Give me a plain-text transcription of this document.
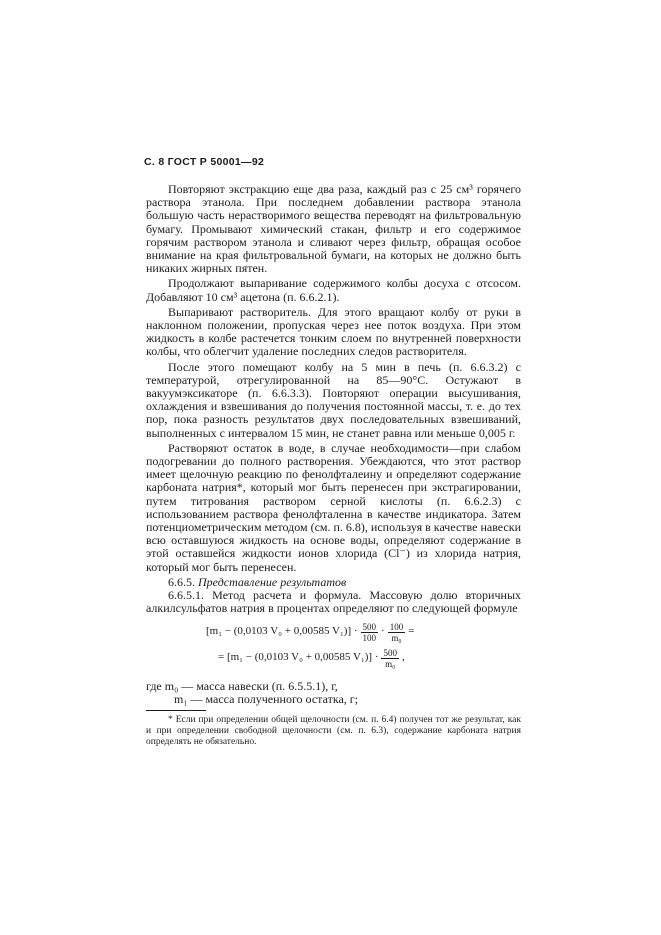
С. 8 ГОСТ Р 50001—92

Повторяют экстракцию еще два раза, каждый раз с 25 см³ горячего раствора этанола. При последнем добавлении раствора этанола большую часть нерастворимого вещества переводят на фильтровальную бумагу. Промывают химический стакан, фильтр и его содержимое горячим раствором этанола и сливают через фильтр, обращая особое внимание на края фильтровальной бумаги, на которых не должно быть никаких жирных пятен.

Продолжают выпаривание содержимого колбы досуха с отсосом. Добавляют 10 см³ ацетона (п. 6.6.2.1).

Выпаривают растворитель. Для этого вращают колбу от руки в наклонном положении, пропуская через нее поток воздуха. При этом жидкость в колбе растечется тонким слоем по внутренней поверхности колбы, что облегчит удаление последних следов растворителя.

После этого помещают колбу на 5 мин в печь (п. 6.6.3.2) с температурой, отрегулированной на 85—90°С. Остужают в вакуумэксикаторе (п. 6.6.3.3). Повторяют операции высушивания, охлаждения и взвешивания до получения постоянной массы, т. е. до тех пор, пока разность результатов двух последовательных взвешиваний, выполненных с интервалом 15 мин, не станет равна или меньше 0,005 г.

Растворяют остаток в воде, в случае необходимости—при слабом подогревании до полного растворения. Убеждаются, что этот раствор имеет щелочную реакцию по фенолфталеину и определяют содержание карбоната натрия*, который мог быть перенесен при экстрагировании, путем титрования раствором серной кислоты (п. 6.6.2.3) с использованием раствора фенолфталенна в качестве индикатора. Затем потенциометрическим методом (см. п. 6.8), используя в качестве навески всю оставшуюся жидкость на основе воды, определяют содержание в этой оставшейся жидкости ионов хлорида (Cl⁻) из хлорида натрия, который мог быть перенесен.

6.6.5. Представление результатов

6.6.5.1. Метод расчета и формула. Массовую долю вторичных алкилсульфатов натрия в процентах определяют по следующей формуле

[m₁ − (0,0103 V₀ + 0,00585 $V_1)] \cdot \frac{500}{100} \cdot \frac{100}{\text{m₀}}$ =
= [m₁ − (0,0103 V₀ + 0,00585 $V_1)] \cdot \frac{500}{\text{m₀}}$ ,
где m₀ — масса навески (п. 6.5.5.1), г,
m₁ — масса полученного остатка, г;

* Если при определении общей щелочности (см. п. 6.4) получен тот же результат, как и при определении свободной щелочности (см. п. 6.3), содержание карбоната натрия определять не обязательно.
